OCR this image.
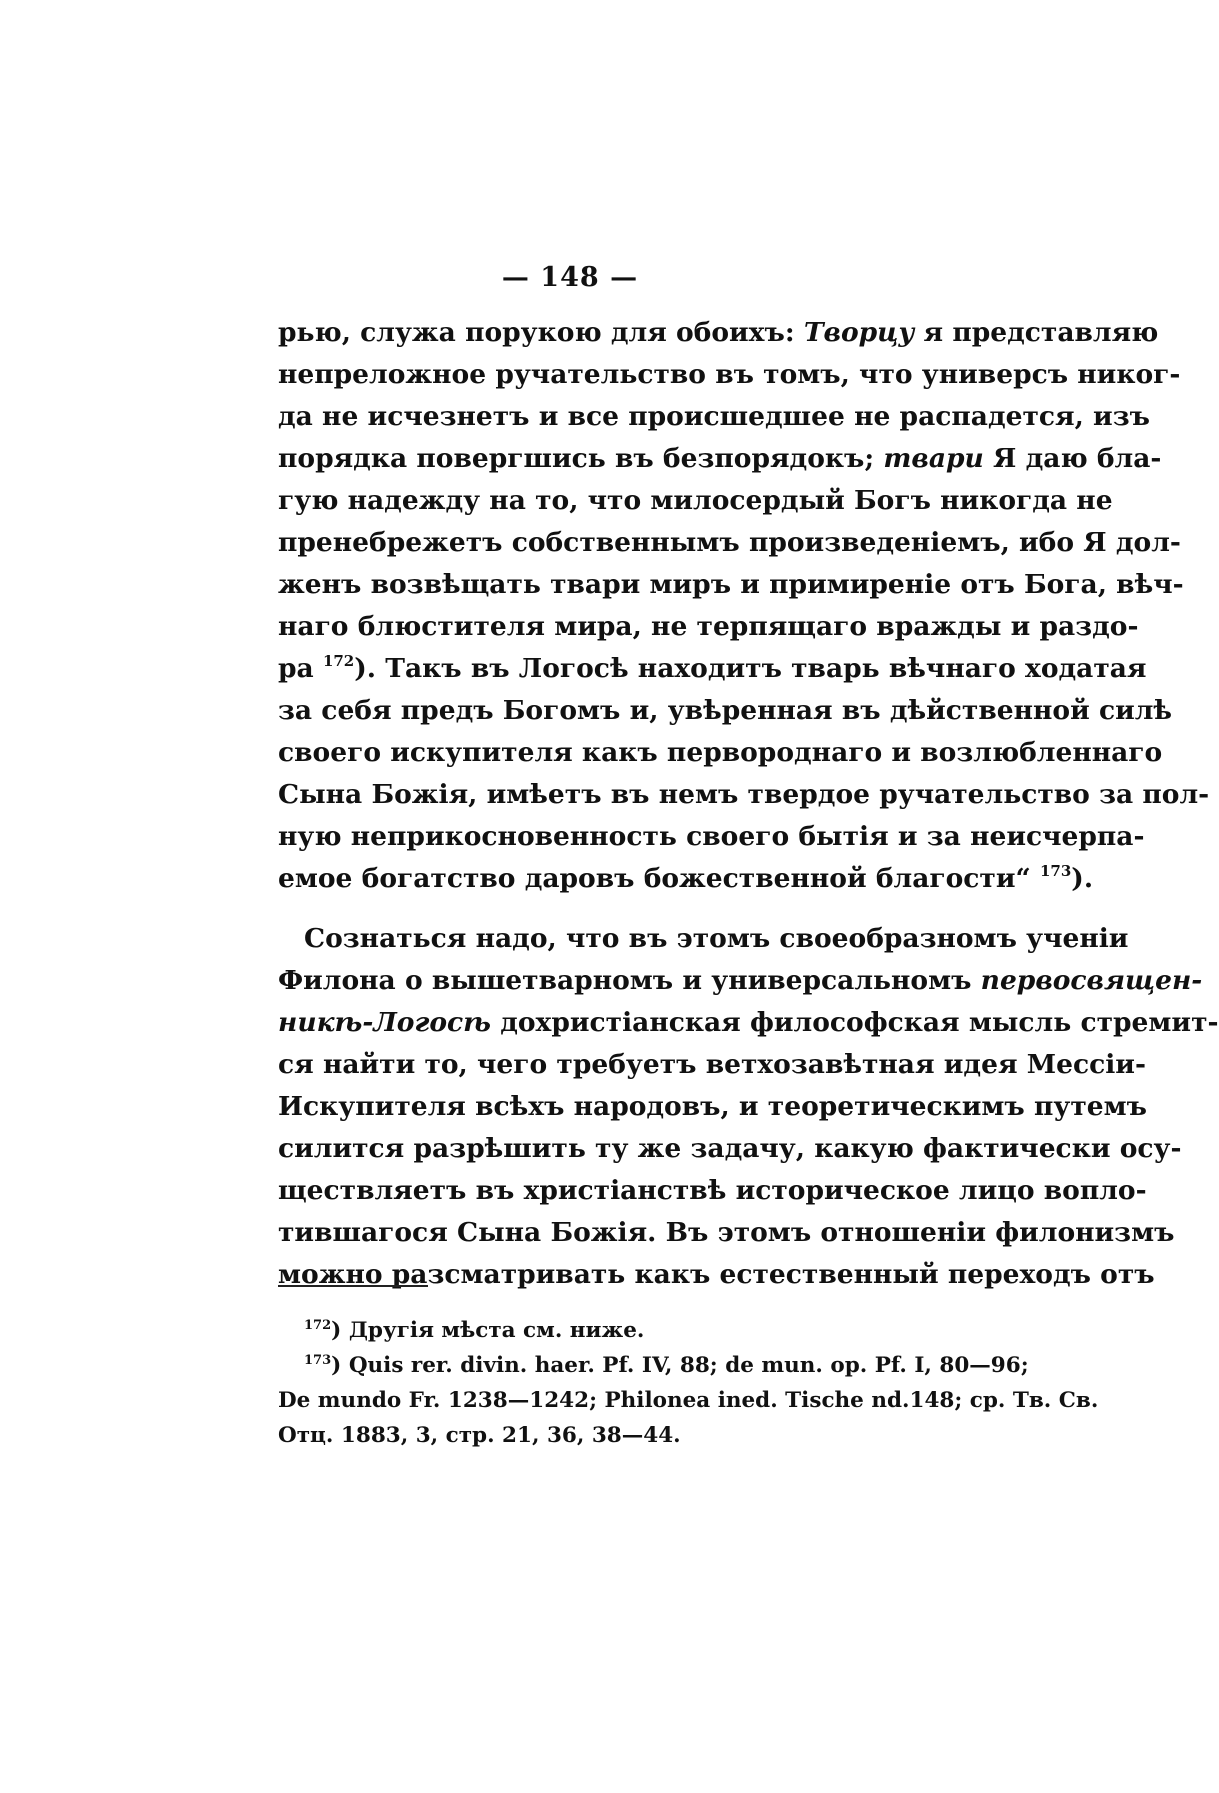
— 148 —
рью, служа порукою для обоихъ: Творцу я представляю
непреложное ручательство въ томъ, что универсъ никог-
да не исчезнетъ и все происшедшее не распадется, изъ
порядка повергшись въ безпорядокъ; твари Я даю бла-
гую надежду на то, что милосердый Богъ никогда не
пренебрежетъ собственнымъ произведеніемъ, ибо Я дол-
женъ возвѣщать твари миръ и примиреніе отъ Бога, вѣч-
наго блюстителя мира, не терпящаго вражды и раздо-
ра $^{172}$). Такъ въ Логосѣ находитъ тварь вѣчнаго ходатая
за себя предъ Богомъ и, увѣренная въ дѣйственной силѣ
своего искупителя какъ первороднаго и возлюбленнаго
Сына Божія, имѣетъ въ немъ твердое ручательство за пол-
ную неприкосновенность своего бытія и за неисчерпа-
емое богатство даровъ божественной благости“ $^{173}$).
Сознаться надо, что въ этомъ своеобразномъ ученіи
Филона о вышетварномъ и универсальномъ первосвящен-
никѣ-Логосѣ дохристіанская философская мысль стремит-
ся найти то, чего требуетъ ветхозавѣтная идея Мессіи-
Искупителя всѣхъ народовъ, и теоретическимъ путемъ
силится разрѣшить ту же задачу, какую фактически осу-
ществляетъ въ христіанствѣ историческое лицо вопло-
тившагося Сына Божія. Въ этомъ отношеніи филонизмъ
можно разсматривать какъ естественный переходъ отъ
$^{172}$) Другія мѣста см. ниже.
$^{173}$) Quis rer. divin. haer. Pf. IV, 88; de mun. op. Pf. I, 80—96;
De mundo Fr. 1238—1242; Philonea ined. Tische nd.148; ср. Тв. Св.
Отц. 1883, 3, стр. 21, 36, 38—44.
